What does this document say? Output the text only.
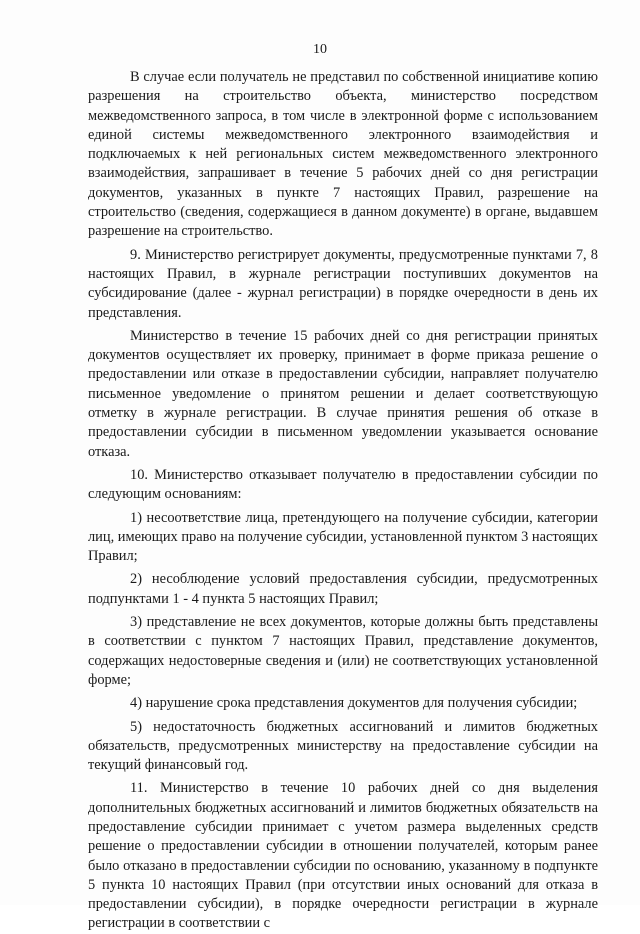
10

В случае если получатель не представил по собственной инициативе копию разрешения на строительство объекта, министерство посредством межведомственного запроса, в том числе в электронной форме с использованием единой системы межведомственного электронного взаимодействия и подключаемых к ней региональных систем межведомственного электронного взаимодействия, запрашивает в течение 5 рабочих дней со дня регистрации документов, указанных в пункте 7 настоящих Правил, разрешение на строительство (сведения, содержащиеся в данном документе) в органе, выдавшем разрешение на строительство.

9. Министерство регистрирует документы, предусмотренные пунктами 7, 8 настоящих Правил, в журнале регистрации поступивших документов на субсидирование (далее - журнал регистрации) в порядке очередности в день их представления.

Министерство в течение 15 рабочих дней со дня регистрации принятых документов осуществляет их проверку, принимает в форме приказа решение о предоставлении или отказе в предоставлении субсидии, направляет получателю письменное уведомление о принятом решении и делает соответствующую отметку в журнале регистрации. В случае принятия решения об отказе в предоставлении субсидии в письменном уведомлении указывается основание отказа.

10. Министерство отказывает получателю в предоставлении субсидии по следующим основаниям:

1) несоответствие лица, претендующего на получение субсидии, категории лиц, имеющих право на получение субсидии, установленной пунктом 3 настоящих Правил;

2) несоблюдение условий предоставления субсидии, предусмотренных подпунктами 1 - 4 пункта 5 настоящих Правил;

3) представление не всех документов, которые должны быть представлены в соответствии с пунктом 7 настоящих Правил, представление документов, содержащих недостоверные сведения и (или) не соответствующих установленной форме;

4) нарушение срока представления документов для получения субсидии;

5) недостаточность бюджетных ассигнований и лимитов бюджетных обязательств, предусмотренных министерству на предоставление субсидии на текущий финансовый год.

11. Министерство в течение 10 рабочих дней со дня выделения дополнительных бюджетных ассигнований и лимитов бюджетных обязательств на предоставление субсидии принимает с учетом размера выделенных средств решение о предоставлении субсидии в отношении получателей, которым ранее было отказано в предоставлении субсидии по основанию, указанному в подпункте 5 пункта 10 настоящих Правил (при отсутствии иных оснований для отказа в предоставлении субсидии), в порядке очередности регистрации в журнале регистрации в соответствии с
